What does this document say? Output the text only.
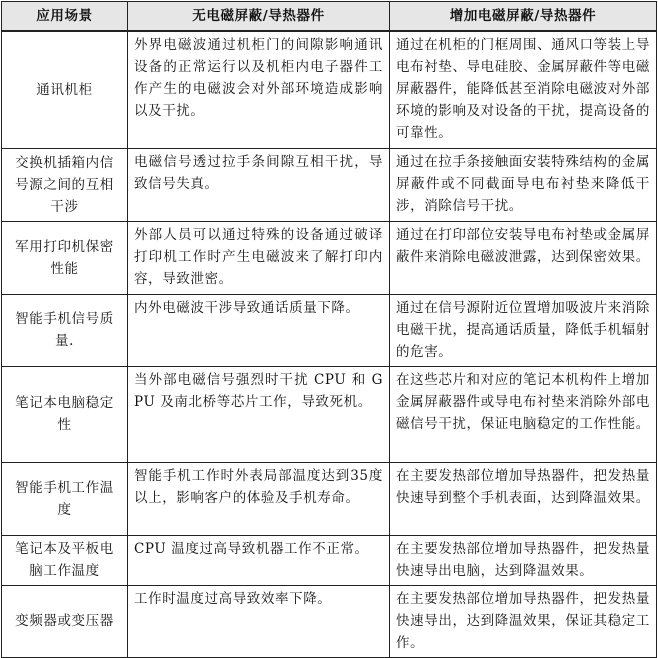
应用场景	无电磁屏蔽/导热器件	增加电磁屏蔽/导热器件
通讯机柜	外界电磁波通过机柜门的间隙影响通讯设备的正常运行以及机柜内电子器件工作产生的电磁波会对外部环境造成影响以及干扰。	通过在机柜的门框周围、通风口等装上导电布衬垫、导电硅胶、金属屏蔽件等电磁屏蔽器件，能降低甚至消除电磁波对外部环境的影响及对设备的干扰，提高设备的可靠性。
交换机插箱内信号源之间的互相干涉	电磁信号透过拉手条间隙互相干扰，导致信号失真。	通过在拉手条接触面安装特殊结构的金属屏蔽件或不同截面导电布衬垫来降低干涉，消除信号干扰。
军用打印机保密性能	外部人员可以通过特殊的设备通过破译打印机工作时产生电磁波来了解打印内容，导致泄密。	通过在打印部位安装导电布衬垫或金属屏蔽件来消除电磁波泄露，达到保密效果。
智能手机信号质量.	内外电磁波干涉导致通话质量下降。	通过在信号源附近位置增加吸波片来消除电磁干扰，提高通话质量，降低手机辐射的危害。
笔记本电脑稳定性	当外部电磁信号强烈时干扰 CPU 和 GPU 及南北桥等芯片工作，导致死机。	在这些芯片和对应的笔记本机构件上增加金属屏蔽器件或导电布衬垫来消除外部电磁信号干扰，保证电脑稳定的工作性能。
智能手机工作温度	智能手机工作时外表局部温度达到35度以上，影响客户的体验及手机寿命。	在主要发热部位增加导热器件，把发热量快速导到整个手机表面，达到降温效果。
笔记本及平板电脑工作温度	CPU 温度过高导致机器工作不正常。	在主要发热部位增加导热器件，把发热量快速导出电脑，达到降温效果。
变频器或变压器	工作时温度过高导致效率下降。	在主要发热部位增加导热器件，把发热量快速导出，达到降温效果，保证其稳定工作。
